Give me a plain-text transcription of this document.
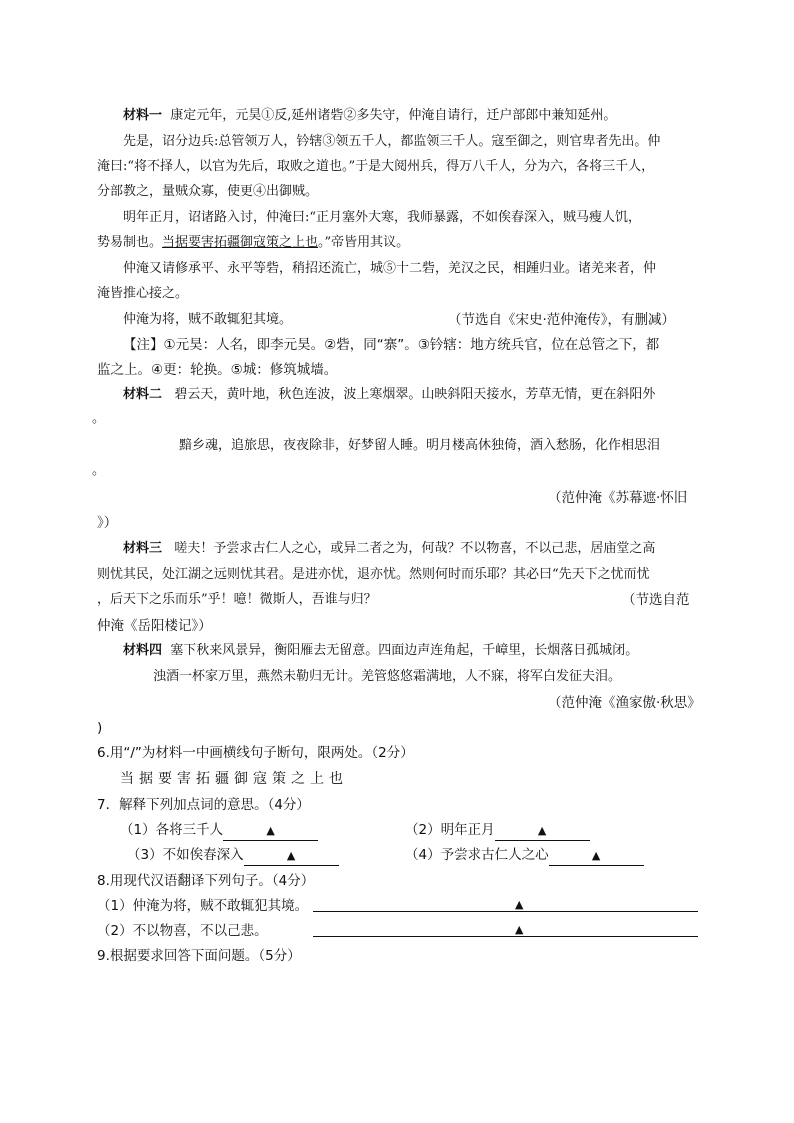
材料一 康定元年，元昊①反,延州诸砦②多失守，仲淹自请行，迁户部郎中兼知延州。
先是，诏分边兵:总管领万人，钤辖③领五千人，都监领三千人。寇至御之，则官卑者先出。仲
淹曰:“将不择人，以官为先后，取败之道也。”于是大阅州兵，得万八千人，分为六，各将三千人，
分部教之，量贼众寡，使更④出御贼。
明年正月，诏诸路入讨，仲淹曰:“正月塞外大寒，我师暴露，不如俟春深入，贼马瘦人饥，
势易制也。当据要害拓疆御寇策之上也。”帝皆用其议。
仲淹又请修承平、永平等砦，稍招还流亡，城⑤十二砦，羌汉之民，相踵归业。诸羌来者，仲
淹皆推心接之。
仲淹为将，贼不敢辄犯其境。	（节选自《宋史·范仲淹传》，有删减）
【注】①元昊：人名，即李元昊。②砦，同“寨”。③钤辖：地方统兵官，位在总管之下，都
监之上。④更：轮换。⑤城：修筑城墙。
材料二 碧云天，黄叶地，秋色连波，波上寒烟翠。山映斜阳天接水，芳草无情，更在斜阳外
。
黯乡魂，追旅思，夜夜除非，好梦留人睡。明月楼高休独倚，酒入愁肠，化作相思泪
。
（范仲淹《苏幕遮·怀旧
》）
材料三 嗟夫！予尝求古仁人之心，或异二者之为，何哉？不以物喜，不以己悲，居庙堂之高
则忧其民，处江湖之远则忧其君。是进亦忧，退亦忧。然则何时而乐耶？其必曰“先天下之忧而忧
，后天下之乐而乐”乎！噫！微斯人，吾谁与归？	（节选自范
仲淹《岳阳楼记》）
材料四 塞下秋来风景异，衡阳雁去无留意。四面边声连角起，千嶂里，长烟落日孤城闭。
浊酒一杯家万里，燕然未勒归无计。羌管悠悠霜满地，人不寐，将军白发征夫泪。
（范仲淹《渔家傲·秋思》
)
6.用“/”为材料一中画横线句子断句，限两处。（2分）
当据要害拓疆御寇策之上也
7．解释下列加点词的意思。（4分）
（1）各将三千人	▲	（2）明年正月	▲
（3）不如俟春深入	▲	（4）予尝求古仁人之心	▲
8.用现代汉语翻译下列句子。（4分）
（1）仲淹为将，贼不敢辄犯其境。	▲
（2）不以物喜，不以己悲。	▲
9.根据要求回答下面问题。（5分）
